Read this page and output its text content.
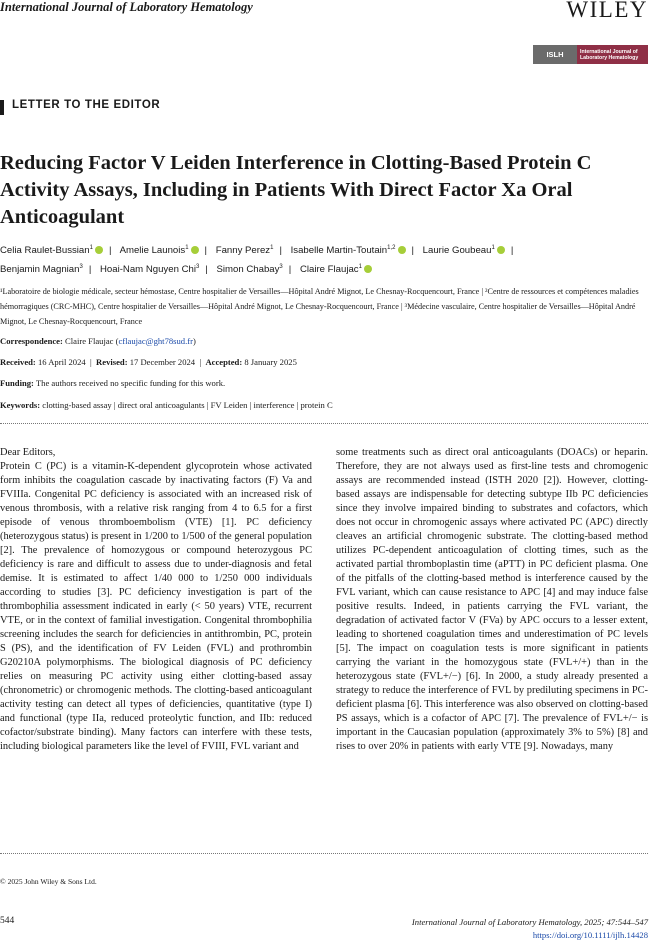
International Journal of Laboratory Hematology	WILEY
ISLH	International Journal of
Laboratory Hematology
LETTER TO THE EDITOR
Reducing Factor V Leiden Interference in Clotting-Based Protein C Activity Assays, Including in Patients With Direct Factor Xa Oral Anticoagulant
Celia Raulet-Bussian$^1$ | Amelie Launois$^1$ | Fanny Perez$^1$ | Isabelle Martin-Toutain$^{1,2}$ | Laurie Goubeau$^1$ |
Benjamin Magnian$^3$ | Hoai-Nam Nguyen Chi$^3$ | Simon Chabay$^3$ | Claire Flaujac$^1$
¹Laboratoire de biologie médicale, secteur hémostase, Centre hospitalier de Versailles—Hôpital André Mignot, Le Chesnay-Rocquencourt, France | ²Centre de ressources et compétences maladies hémorragiques (CRC-MHC), Centre hospitalier de Versailles—Hôpital André Mignot, Le Chesnay-Rocquencourt, France | ³Médecine vasculaire, Centre hospitalier de Versailles—Hôpital André Mignot, Le Chesnay-Rocquencourt, France
Correspondence: Claire Flaujac (cflaujac@ght78sud.fr)
Received: 16 April 2024  |  Revised: 17 December 2024  |  Accepted: 8 January 2025
Funding: The authors received no specific funding for this work.
Keywords: clotting-based assay | direct oral anticoagulants | FV Leiden | interference | protein C

Dear Editors,

Protein C (PC) is a vitamin-K-dependent glycoprotein whose activated form inhibits the coagulation cascade by inactivating factors (F) Va and FVIIIa. Congenital PC deficiency is associated with an increased risk of venous thrombosis, with a relative risk ranging from 4 to 6.5 for a first episode of venous thromboembolism (VTE) [1]. PC deficiency (heterozygous status) is present in 1/200 to 1/500 of the general population [2]. The prevalence of homozygous or compound heterozygous PC deficiency is rare and difficult to assess due to under-diagnosis and fetal demise. It is estimated to affect 1/40 000 to 1/250 000 individuals according to studies [3]. PC deficiency investigation is part of the thrombophilia assessment indicated in early (< 50 years) VTE, recurrent VTE, or in the context of familial investigation. Congenital thrombophilia screening includes the search for deficiencies in antithrombin, PC, protein S (PS), and the identification of FV Leiden (FVL) and prothrombin G20210A polymorphisms. The biological diagnosis of PC deficiency relies on measuring PC activity using either clotting-based assay (chronometric) or chromogenic methods. The clotting-based anticoagulant activity testing can detect all types of deficiencies, quantitative (type I) and functional (type IIa, reduced proteolytic function, and IIb: reduced cofactor/substrate binding). Many factors can interfere with these tests, including biological parameters like the level of FVIII, FVL variant and

some treatments such as direct oral anticoagulants (DOACs) or heparin. Therefore, they are not always used as first-line tests and chromogenic assays are recommended instead (ISTH 2020 [2]). However, clotting-based assays are indispensable for detecting subtype IIb PC deficiencies since they involve impaired binding to substrates and cofactors, which does not occur in chromogenic assays where activated PC (APC) directly cleaves an artificial chromogenic substrate. The clotting-based method utilizes PC-dependent anticoagulation of clotting times, such as the activated partial thromboplastin time (aPTT) in PC deficient plasma. One of the pitfalls of the clotting-based method is interference caused by the FVL variant, which can cause resistance to APC [4] and may induce false positive results. Indeed, in patients carrying the FVL variant, the degradation of activated factor V (FVa) by APC occurs to a lesser extent, leading to shortened coagulation times and underestimation of PC levels [5]. The impact on coagulation tests is more significant in patients carrying the variant in the homozygous state (FVL+/+) than in the heterozygous state (FVL+/−) [6]. In 2000, a study already presented a strategy to reduce the interference of FVL by prediluting specimens in PC-deficient plasma [6]. This interference was also observed on clotting-based PS assays, which is a cofactor of APC [7]. The prevalence of FVL+/− is important in the Caucasian population (approximately 3% to 5%) [8] and rises to over 20% in patients with early VTE [9]. Nowadays, many

© 2025 John Wiley & Sons Ltd.
544	International Journal of Laboratory Hematology, 2025; 47:544–547
https://doi.org/10.1111/ijlh.14428
